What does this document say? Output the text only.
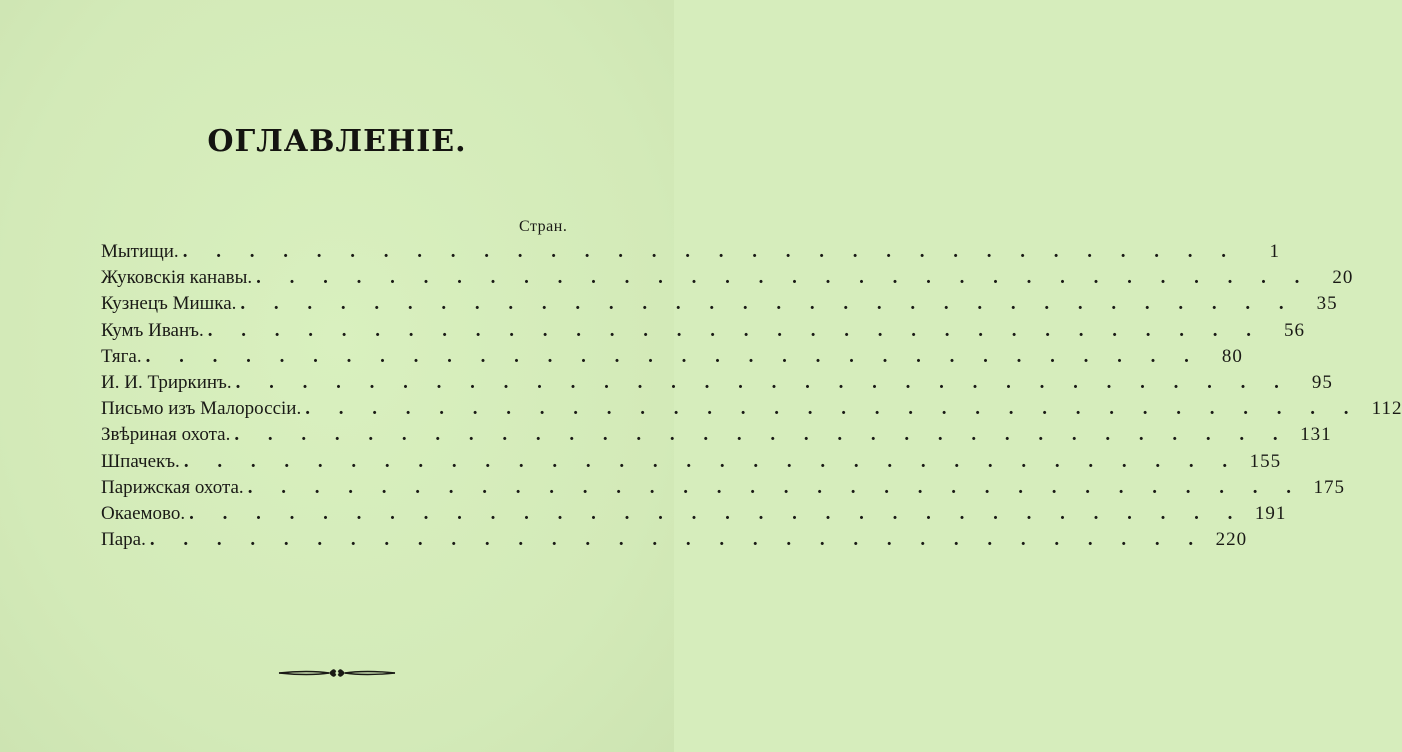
ОГЛАВЛЕНІЕ.
Стран.
Мытищи. . . . . . . . . . . . . . . . . . . . . . . . . . . . . . . . .	1
Жуковскія канавы. . . . . . . . . . . . . . . . . . . . . . . . . . . . . . . . .	20
Кузнецъ Мишка. . . . . . . . . . . . . . . . . . . . . . . . . . . . . . . . .	35
Кумъ Иванъ. . . . . . . . . . . . . . . . . . . . . . . . . . . . . . . . .	56
Тяга. . . . . . . . . . . . . . . . . . . . . . . . . . . . . . . . .	80
И. И. Триркинъ. . . . . . . . . . . . . . . . . . . . . . . . . . . . . . . . .	95
Письмо изъ Малороссіи. . . . . . . . . . . . . . . . . . . . . . . . . . . . . . . . . 112
Звѣриная охота. . . . . . . . . . . . . . . . . . . . . . . . . . . . . . . . . 131
Шпачекъ. . . . . . . . . . . . . . . . . . . . . . . . . . . . . . . . . 155
Парижская охота. . . . . . . . . . . . . . . . . . . . . . . . . . . . . . . . . 175
Окаемово. . . . . . . . . . . . . . . . . . . . . . . . . . . . . . . . . 191
Пара. . . . . . . . . . . . . . . . . . . . . . . . . . . . . . . . . 220
